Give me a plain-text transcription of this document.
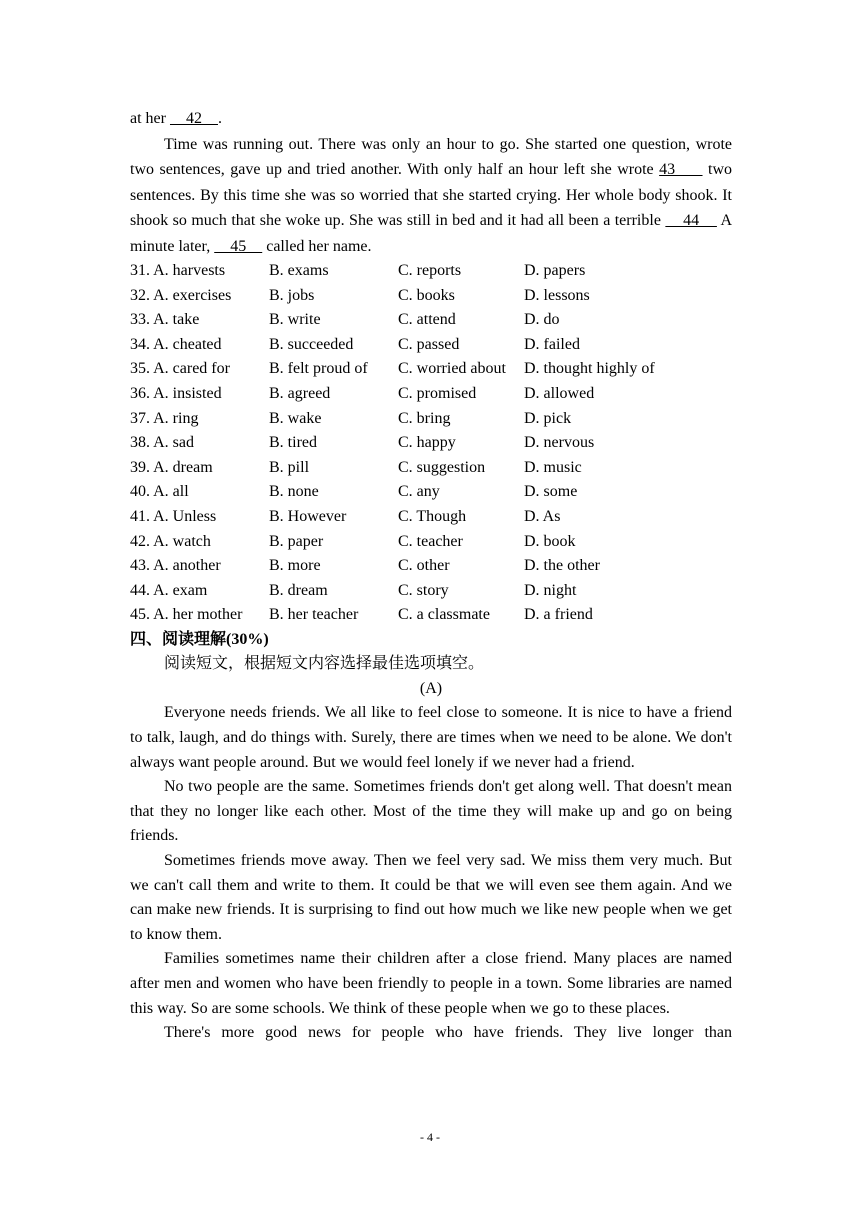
at her     42    .

Time was running out. There was only an hour to go. She started one question, wrote two sentences, gave up and tried another. With only half an hour left she wrote 43      two sentences. By this time she was so worried that she started crying. Her whole body shook. It shook so much that she woke up. She was still in bed and it had all been a terrible     44     A minute later,     45     called her name.

31. A. harvests	B. exams	C. reports	D. papers
32. A. exercises B. jobs	C. books	D. lessons
33. A. take	B. write	C. attend	D. do
34. A. cheated	B. succeeded	C. passed	D. failed
35. A. cared for B. felt proud of C. worried about D. thought highly of
36. A. insisted	B. agreed	C. promised	D. allowed
37. A. ring	B. wake	C. bring	D. pick
38. A. sad	B. tired	C. happy	D. nervous
39. A. dream	B. pill	C. suggestion D. music
40. A. all	B. none	C. any	D. some
41. A. Unless	B. However	C. Though	D. As
42. A. watch	B. paper	C. teacher	D. book
43. A. another	B. more	C. other	D. the other
44. A. exam	B. dream	C. story	D. night
45. A. her mother B. her teacher C. a classmate D. a friend

四、阅读理解(30%)

阅读短文，根据短文内容选择最佳选项填空。

(A)

Everyone needs friends. We all like to feel close to someone. It is nice to have a friend to talk, laugh, and do things with. Surely, there are times when we need to be alone. We don't always want people around. But we would feel lonely if we never had a friend.

No two people are the same. Sometimes friends don't get along well. That doesn't mean that they no longer like each other. Most of the time they will make up and go on being friends.

Sometimes friends move away. Then we feel very sad. We miss them very much. But we can't call them and write to them. It could be that we will even see them again. And we can make new friends. It is surprising to find out how much we like new people when we get to know them.

Families sometimes name their children after a close friend. Many places are named after men and women who have been friendly to people in a town. Some libraries are named this way. So are some schools. We think of these people when we go to these places.

There's more good news for people who have friends. They live longer than

- 4 -
